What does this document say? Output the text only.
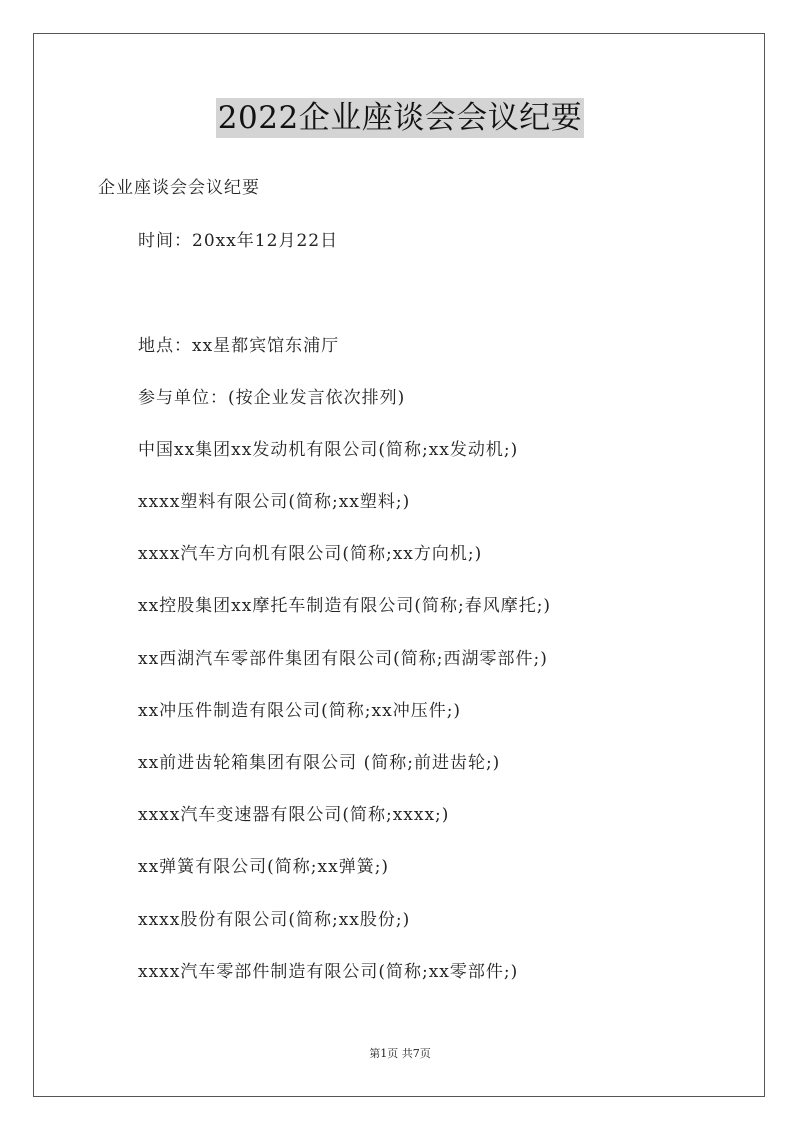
2022企业座谈会会议纪要
企业座谈会会议纪要
时间：20xx年12月22日
地点：xx星都宾馆东浦厅
参与单位：(按企业发言依次排列)
中国xx集团xx发动机有限公司(简称;xx发动机;)
xxxx塑料有限公司(简称;xx塑料;)
xxxx汽车方向机有限公司(简称;xx方向机;)
xx控股集团xx摩托车制造有限公司(简称;春风摩托;)
xx西湖汽车零部件集团有限公司(简称;西湖零部件;)
xx冲压件制造有限公司(简称;xx冲压件;)
xx前进齿轮箱集团有限公司 (简称;前进齿轮;)
xxxx汽车变速器有限公司(简称;xxxx;)
xx弹簧有限公司(简称;xx弹簧;)
xxxx股份有限公司(简称;xx股份;)
xxxx汽车零部件制造有限公司(简称;xx零部件;)
第1页 共7页
